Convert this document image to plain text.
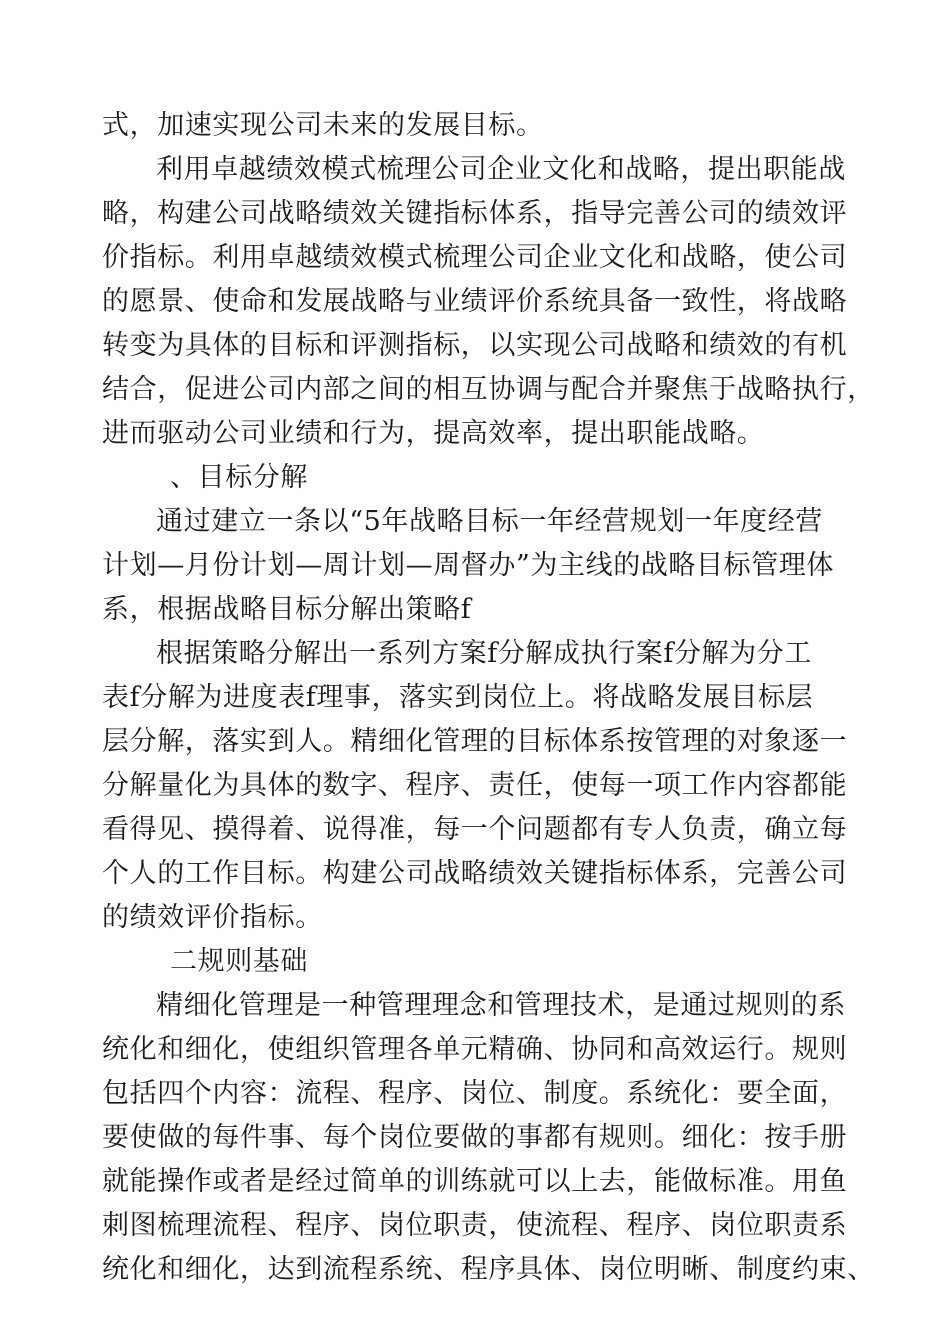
式，加速实现公司未来的发展目标。
利用卓越绩效模式梳理公司企业文化和战略，提出职能战
略，构建公司战略绩效关键指标体系，指导完善公司的绩效评
价指标。利用卓越绩效模式梳理公司企业文化和战略，使公司
的愿景、使命和发展战略与业绩评价系统具备一致性，将战略
转变为具体的目标和评测指标，以实现公司战略和绩效的有机
结合，促进公司内部之间的相互协调与配合并聚焦于战略执行，
进而驱动公司业绩和行为，提高效率，提出职能战略。
、目标分解
通过建立一条以“5年战略目标一年经营规划一年度经营
计划—月份计划—周计划—周督办”为主线的战略目标管理体
系，根据战略目标分解出策略f
根据策略分解出一系列方案f分解成执行案f分解为分工
表f分解为进度表f理事，落实到岗位上。将战略发展目标层
层分解，落实到人。精细化管理的目标体系按管理的对象逐一
分解量化为具体的数字、程序、责任，使每一项工作内容都能
看得见、摸得着、说得准，每一个问题都有专人负责，确立每
个人的工作目标。构建公司战略绩效关键指标体系，完善公司
的绩效评价指标。
二规则基础
精细化管理是一种管理理念和管理技术，是通过规则的系
统化和细化，使组织管理各单元精确、协同和高效运行。规则
包括四个内容：流程、程序、岗位、制度。系统化：要全面，
要使做的每件事、每个岗位要做的事都有规则。细化：按手册
就能操作或者是经过简单的训练就可以上去，能做标准。用鱼
刺图梳理流程、程序、岗位职责，使流程、程序、岗位职责系
统化和细化，达到流程系统、程序具体、岗位明晰、制度约束、
